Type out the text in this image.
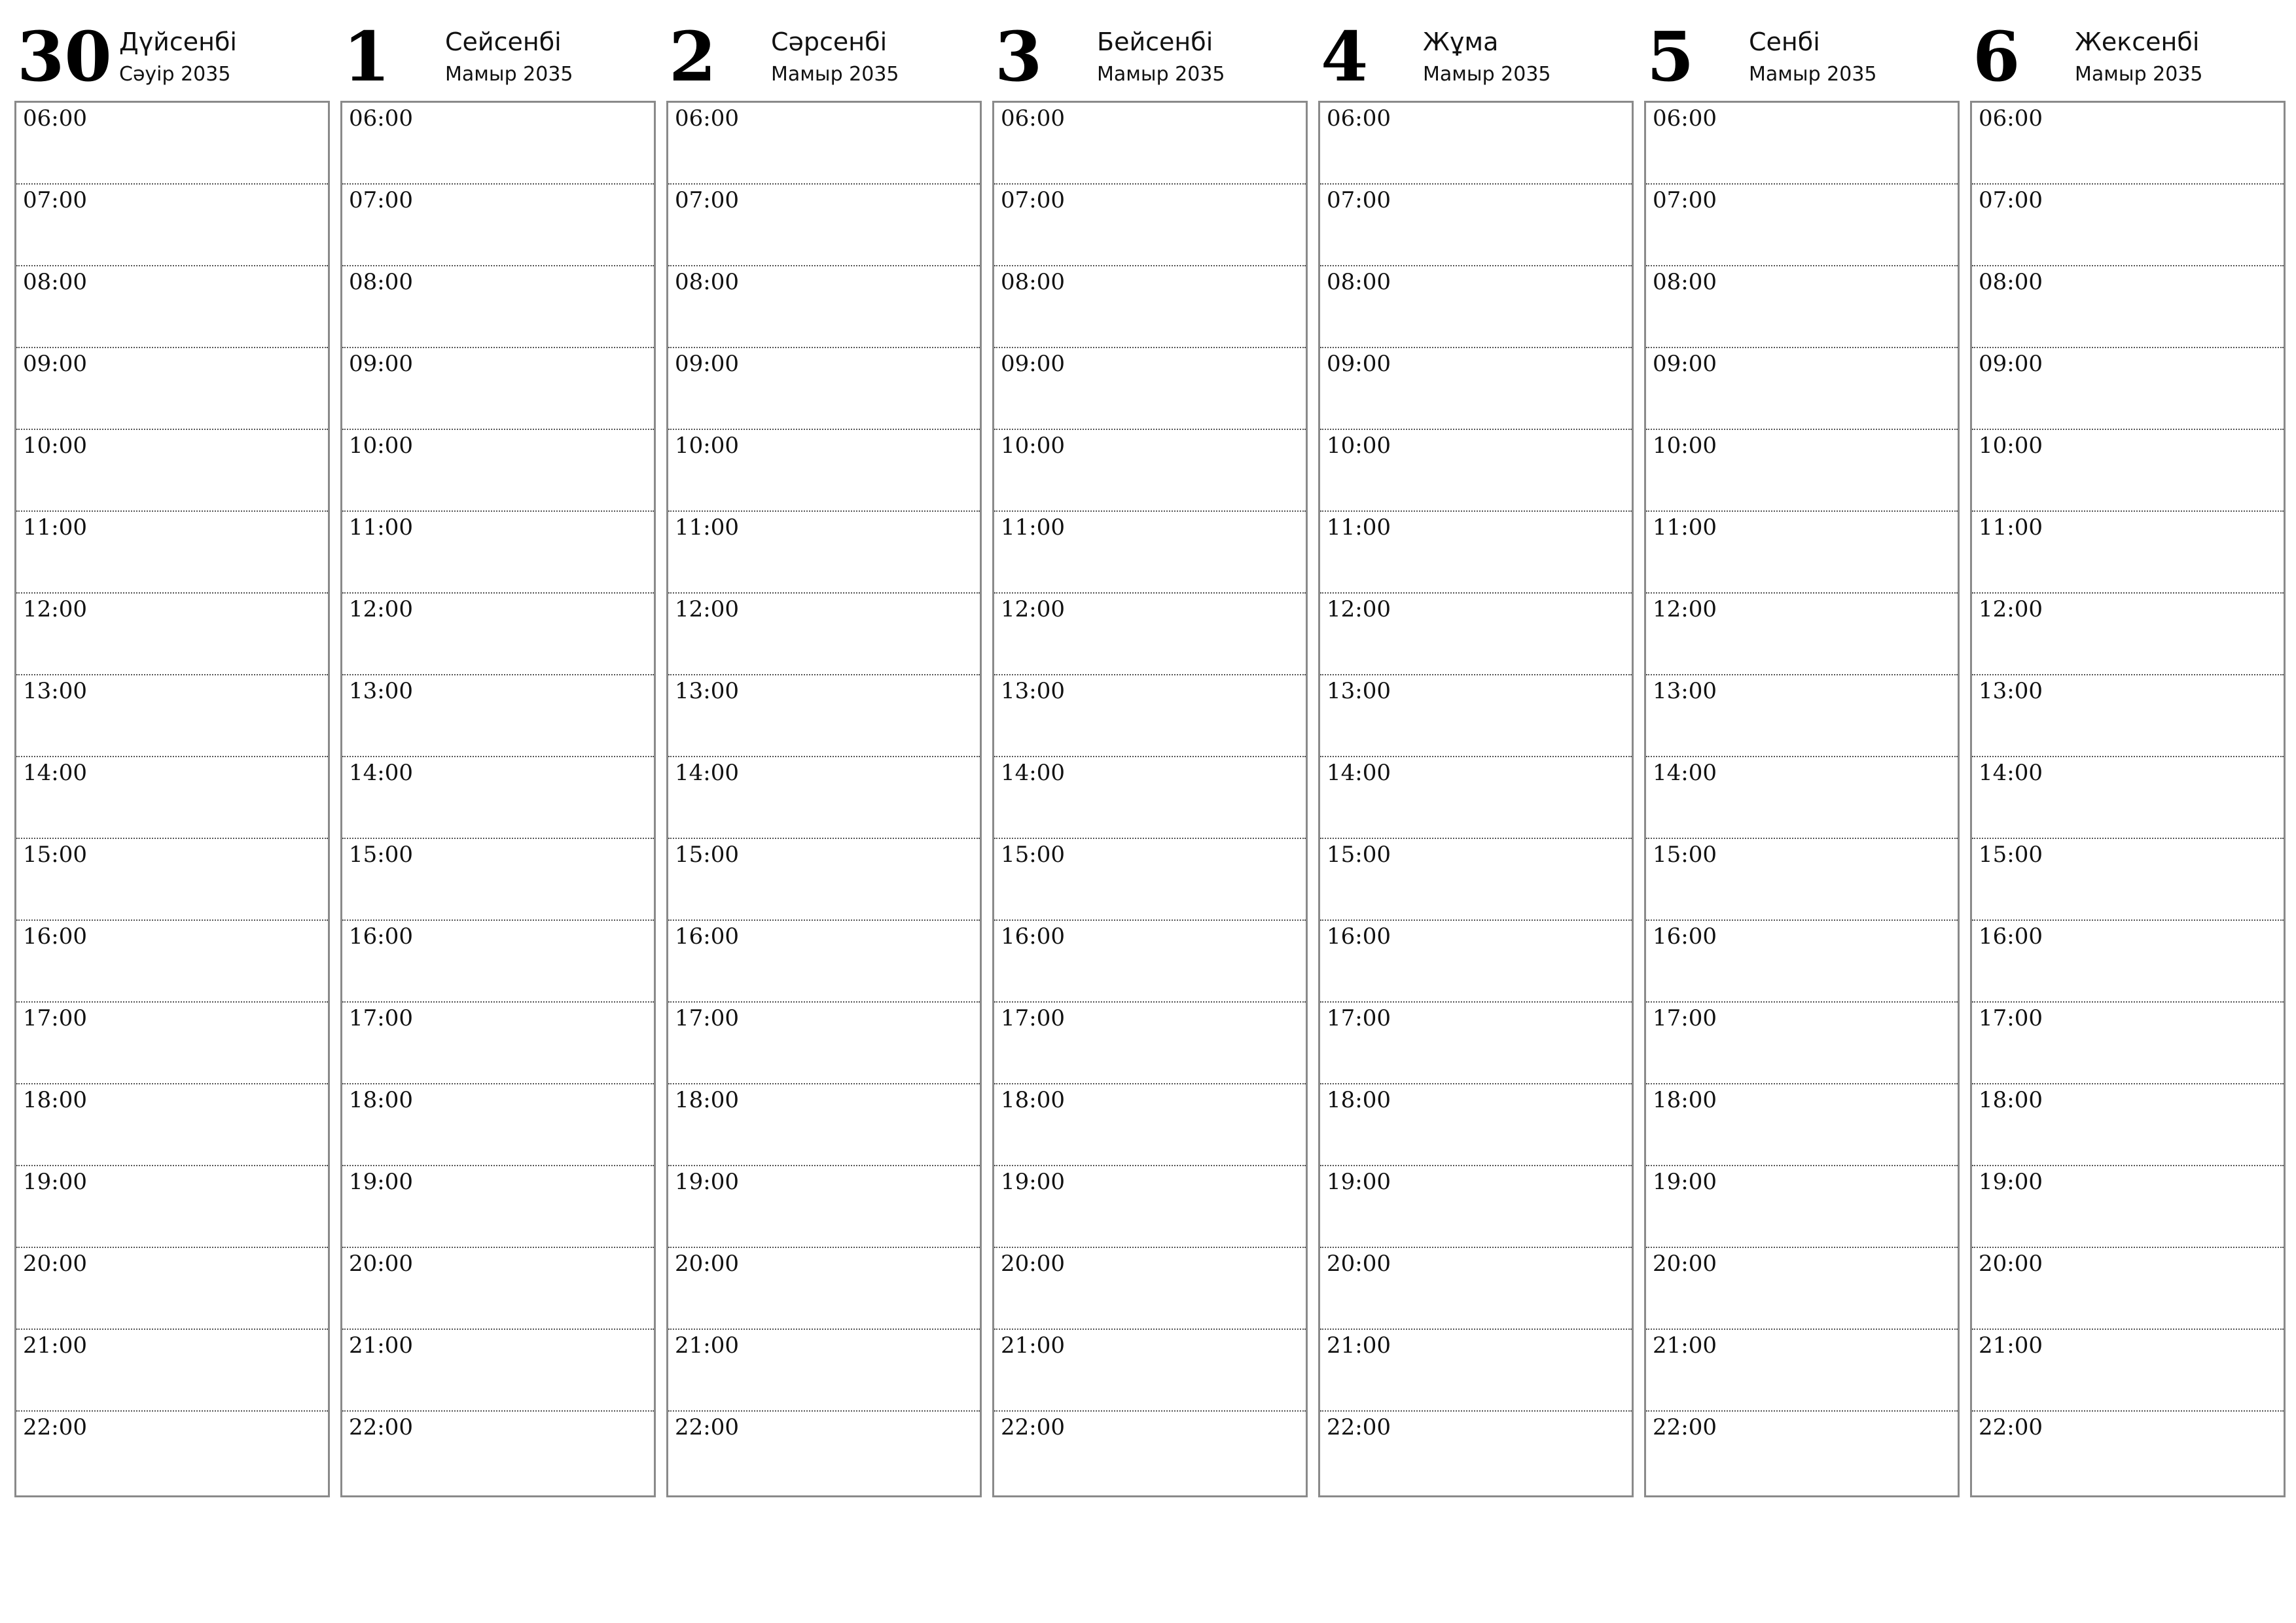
30 Дүйсенбі
Сәуір 2035
06:00
07:00
08:00
09:00
10:00
11:00
12:00
13:00
14:00
15:00
16:00
17:00
18:00
19:00
20:00
21:00
22:00
1 Сейсенбі
Мамыр 2035
06:00
07:00
08:00
09:00
10:00
11:00
12:00
13:00
14:00
15:00
16:00
17:00
18:00
19:00
20:00
21:00
22:00
2 Сәрсенбі
Мамыр 2035
06:00
07:00
08:00
09:00
10:00
11:00
12:00
13:00
14:00
15:00
16:00
17:00
18:00
19:00
20:00
21:00
22:00
3 Бейсенбі
Мамыр 2035
06:00
07:00
08:00
09:00
10:00
11:00
12:00
13:00
14:00
15:00
16:00
17:00
18:00
19:00
20:00
21:00
22:00
4 Жұма
Мамыр 2035
06:00
07:00
08:00
09:00
10:00
11:00
12:00
13:00
14:00
15:00
16:00
17:00
18:00
19:00
20:00
21:00
22:00
5 Сенбі
Мамыр 2035
06:00
07:00
08:00
09:00
10:00
11:00
12:00
13:00
14:00
15:00
16:00
17:00
18:00
19:00
20:00
21:00
22:00
6 Жексенбі
Мамыр 2035
06:00
07:00
08:00
09:00
10:00
11:00
12:00
13:00
14:00
15:00
16:00
17:00
18:00
19:00
20:00
21:00
22:00
